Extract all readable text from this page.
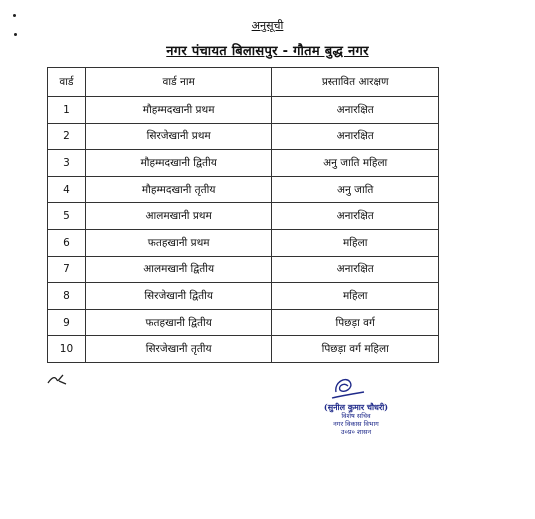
अनुसूची
नगर पंचायत बिलासपुर - गौतम बुद्ध नगर
वार्ड	वार्ड नाम	प्रस्तावित आरक्षण
1	मौहम्मदखानी प्रथम	अनारक्षित
2	सिरजेखानी प्रथम	अनारक्षित
3	मौहम्मदखानी द्वितीय	अनु जाति महिला
4	मौहम्मदखानी तृतीय	अनु जाति
5	आलमखानी प्रथम	अनारक्षित
6	फतहखानी प्रथम	महिला
7	आलमखानी द्वितीय	अनारक्षित
8	सिरजेखानी द्वितीय	महिला
9	फतहखानी द्वितीय	पिछड़ा वर्ग
10	सिरजेखानी तृतीय	पिछड़ा वर्ग महिला
(सुनील कुमार चौधरी)
विशेष सचिव
नगर विकास विभाग
उ०प्र० शासन
